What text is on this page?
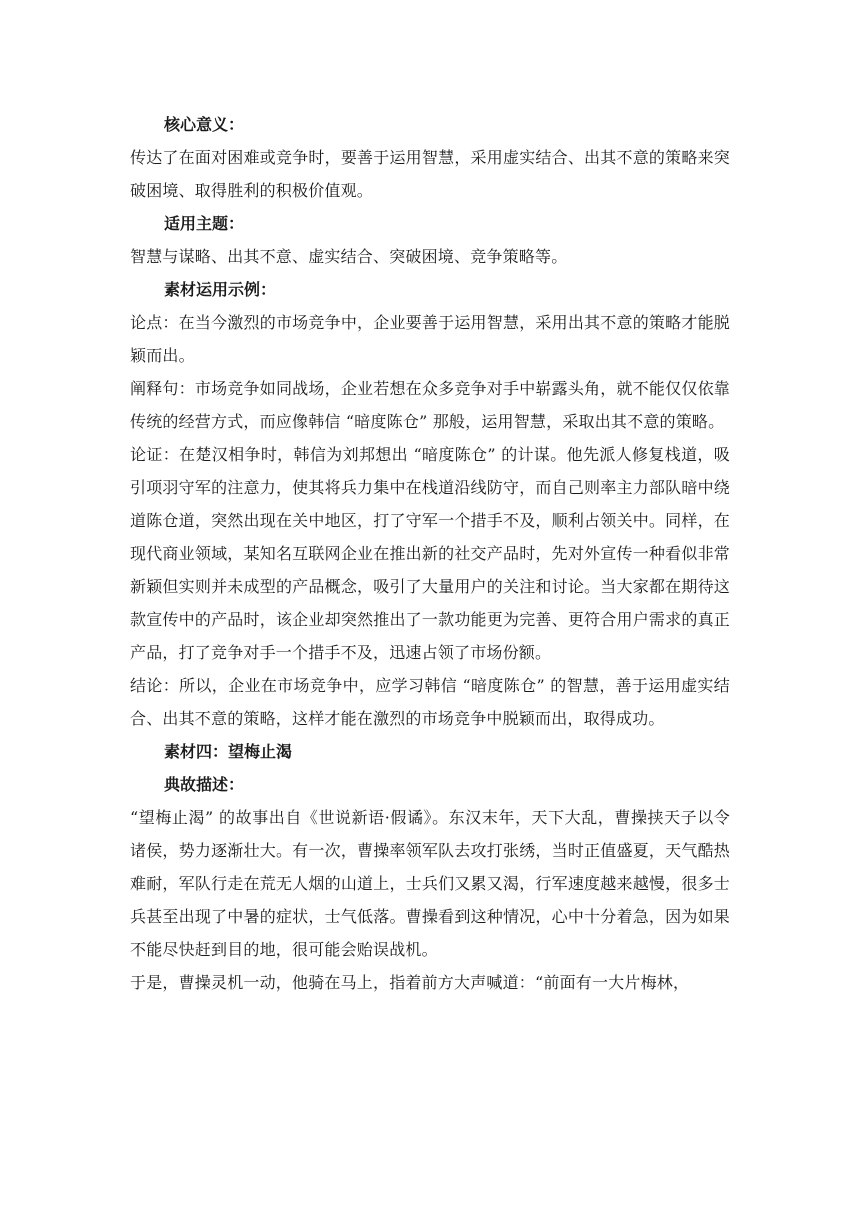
核心意义：
传达了在面对困难或竞争时，要善于运用智慧，采用虚实结合、出其不意的策略来突破困境、取得胜利的积极价值观。
适用主题：
智慧与谋略、出其不意、虚实结合、突破困境、竞争策略等。
素材运用示例：
论点：在当今激烈的市场竞争中，企业要善于运用智慧，采用出其不意的策略才能脱颖而出。
阐释句：市场竞争如同战场，企业若想在众多竞争对手中崭露头角，就不能仅仅依靠传统的经营方式，而应像韩信 “暗度陈仓” 那般，运用智慧，采取出其不意的策略。
论证：在楚汉相争时，韩信为刘邦想出 “暗度陈仓” 的计谋。他先派人修复栈道，吸引项羽守军的注意力，使其将兵力集中在栈道沿线防守，而自己则率主力部队暗中绕道陈仓道，突然出现在关中地区，打了守军一个措手不及，顺利占领关中。同样，在现代商业领域，某知名互联网企业在推出新的社交产品时，先对外宣传一种看似非常新颖但实则并未成型的产品概念，吸引了大量用户的关注和讨论。当大家都在期待这款宣传中的产品时，该企业却突然推出了一款功能更为完善、更符合用户需求的真正产品，打了竞争对手一个措手不及，迅速占领了市场份额。
结论：所以，企业在市场竞争中，应学习韩信 “暗度陈仓” 的智慧，善于运用虚实结合、出其不意的策略，这样才能在激烈的市场竞争中脱颖而出，取得成功。
素材四：望梅止渴
典故描述：
“望梅止渴” 的故事出自《世说新语·假谲》。东汉末年，天下大乱，曹操挟天子以令诸侯，势力逐渐壮大。有一次，曹操率领军队去攻打张绣，当时正值盛夏，天气酷热难耐，军队行走在荒无人烟的山道上，士兵们又累又渴，行军速度越来越慢，很多士兵甚至出现了中暑的症状，士气低落。曹操看到这种情况，心中十分着急，因为如果不能尽快赶到目的地，很可能会贻误战机。
于是，曹操灵机一动，他骑在马上，指着前方大声喊道：“前面有一大片梅林，
